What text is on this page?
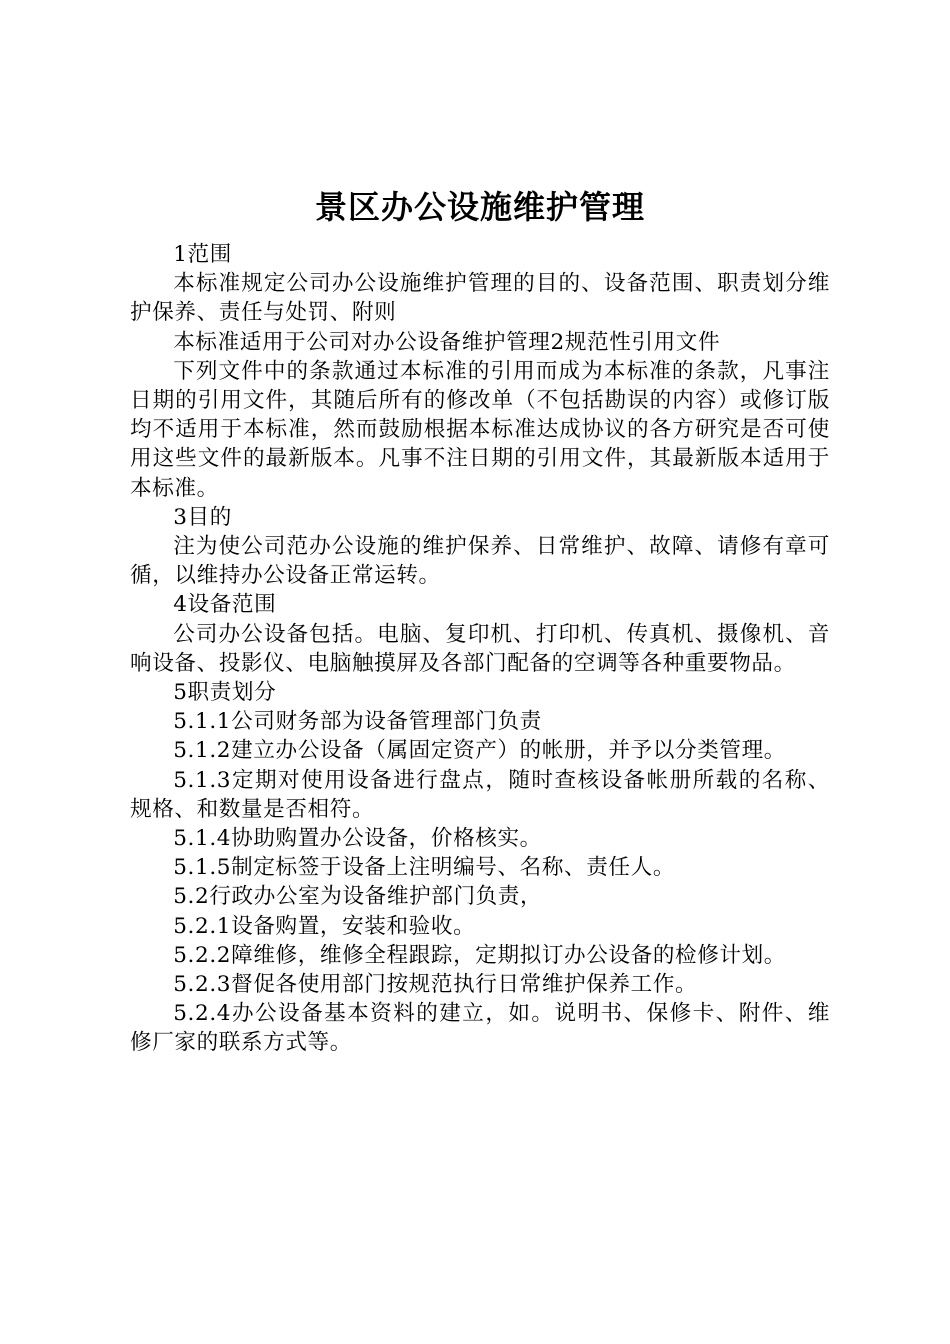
景区办公设施维护管理

1范围

本标准规定公司办公设施维护管理的目的、设备范围、职责划分维护保养、责任与处罚、附则

本标准适用于公司对办公设备维护管理2规范性引用文件

下列文件中的条款通过本标准的引用而成为本标准的条款，凡事注日期的引用文件，其随后所有的修改单（不包括勘误的内容）或修订版均不适用于本标准，然而鼓励根据本标准达成协议的各方研究是否可使用这些文件的最新版本。凡事不注日期的引用文件，其最新版本适用于本标准。

3目的

注为使公司范办公设施的维护保养、日常维护、故障、请修有章可循，以维持办公设备正常运转。

4设备范围

公司办公设备包括。电脑、复印机、打印机、传真机、摄像机、音响设备、投影仪、电脑触摸屏及各部门配备的空调等各种重要物品。

5职责划分

5.1.1公司财务部为设备管理部门负责

5.1.2建立办公设备（属固定资产）的帐册，并予以分类管理。

5.1.3定期对使用设备进行盘点，随时查核设备帐册所载的名称、规格、和数量是否相符。

5.1.4协助购置办公设备，价格核实。

5.1.5制定标签于设备上注明编号、名称、责任人。

5.2行政办公室为设备维护部门负责，

5.2.1设备购置，安装和验收。

5.2.2障维修，维修全程跟踪，定期拟订办公设备的检修计划。

5.2.3督促各使用部门按规范执行日常维护保养工作。

5.2.4办公设备基本资料的建立，如。说明书、保修卡、附件、维修厂家的联系方式等。
